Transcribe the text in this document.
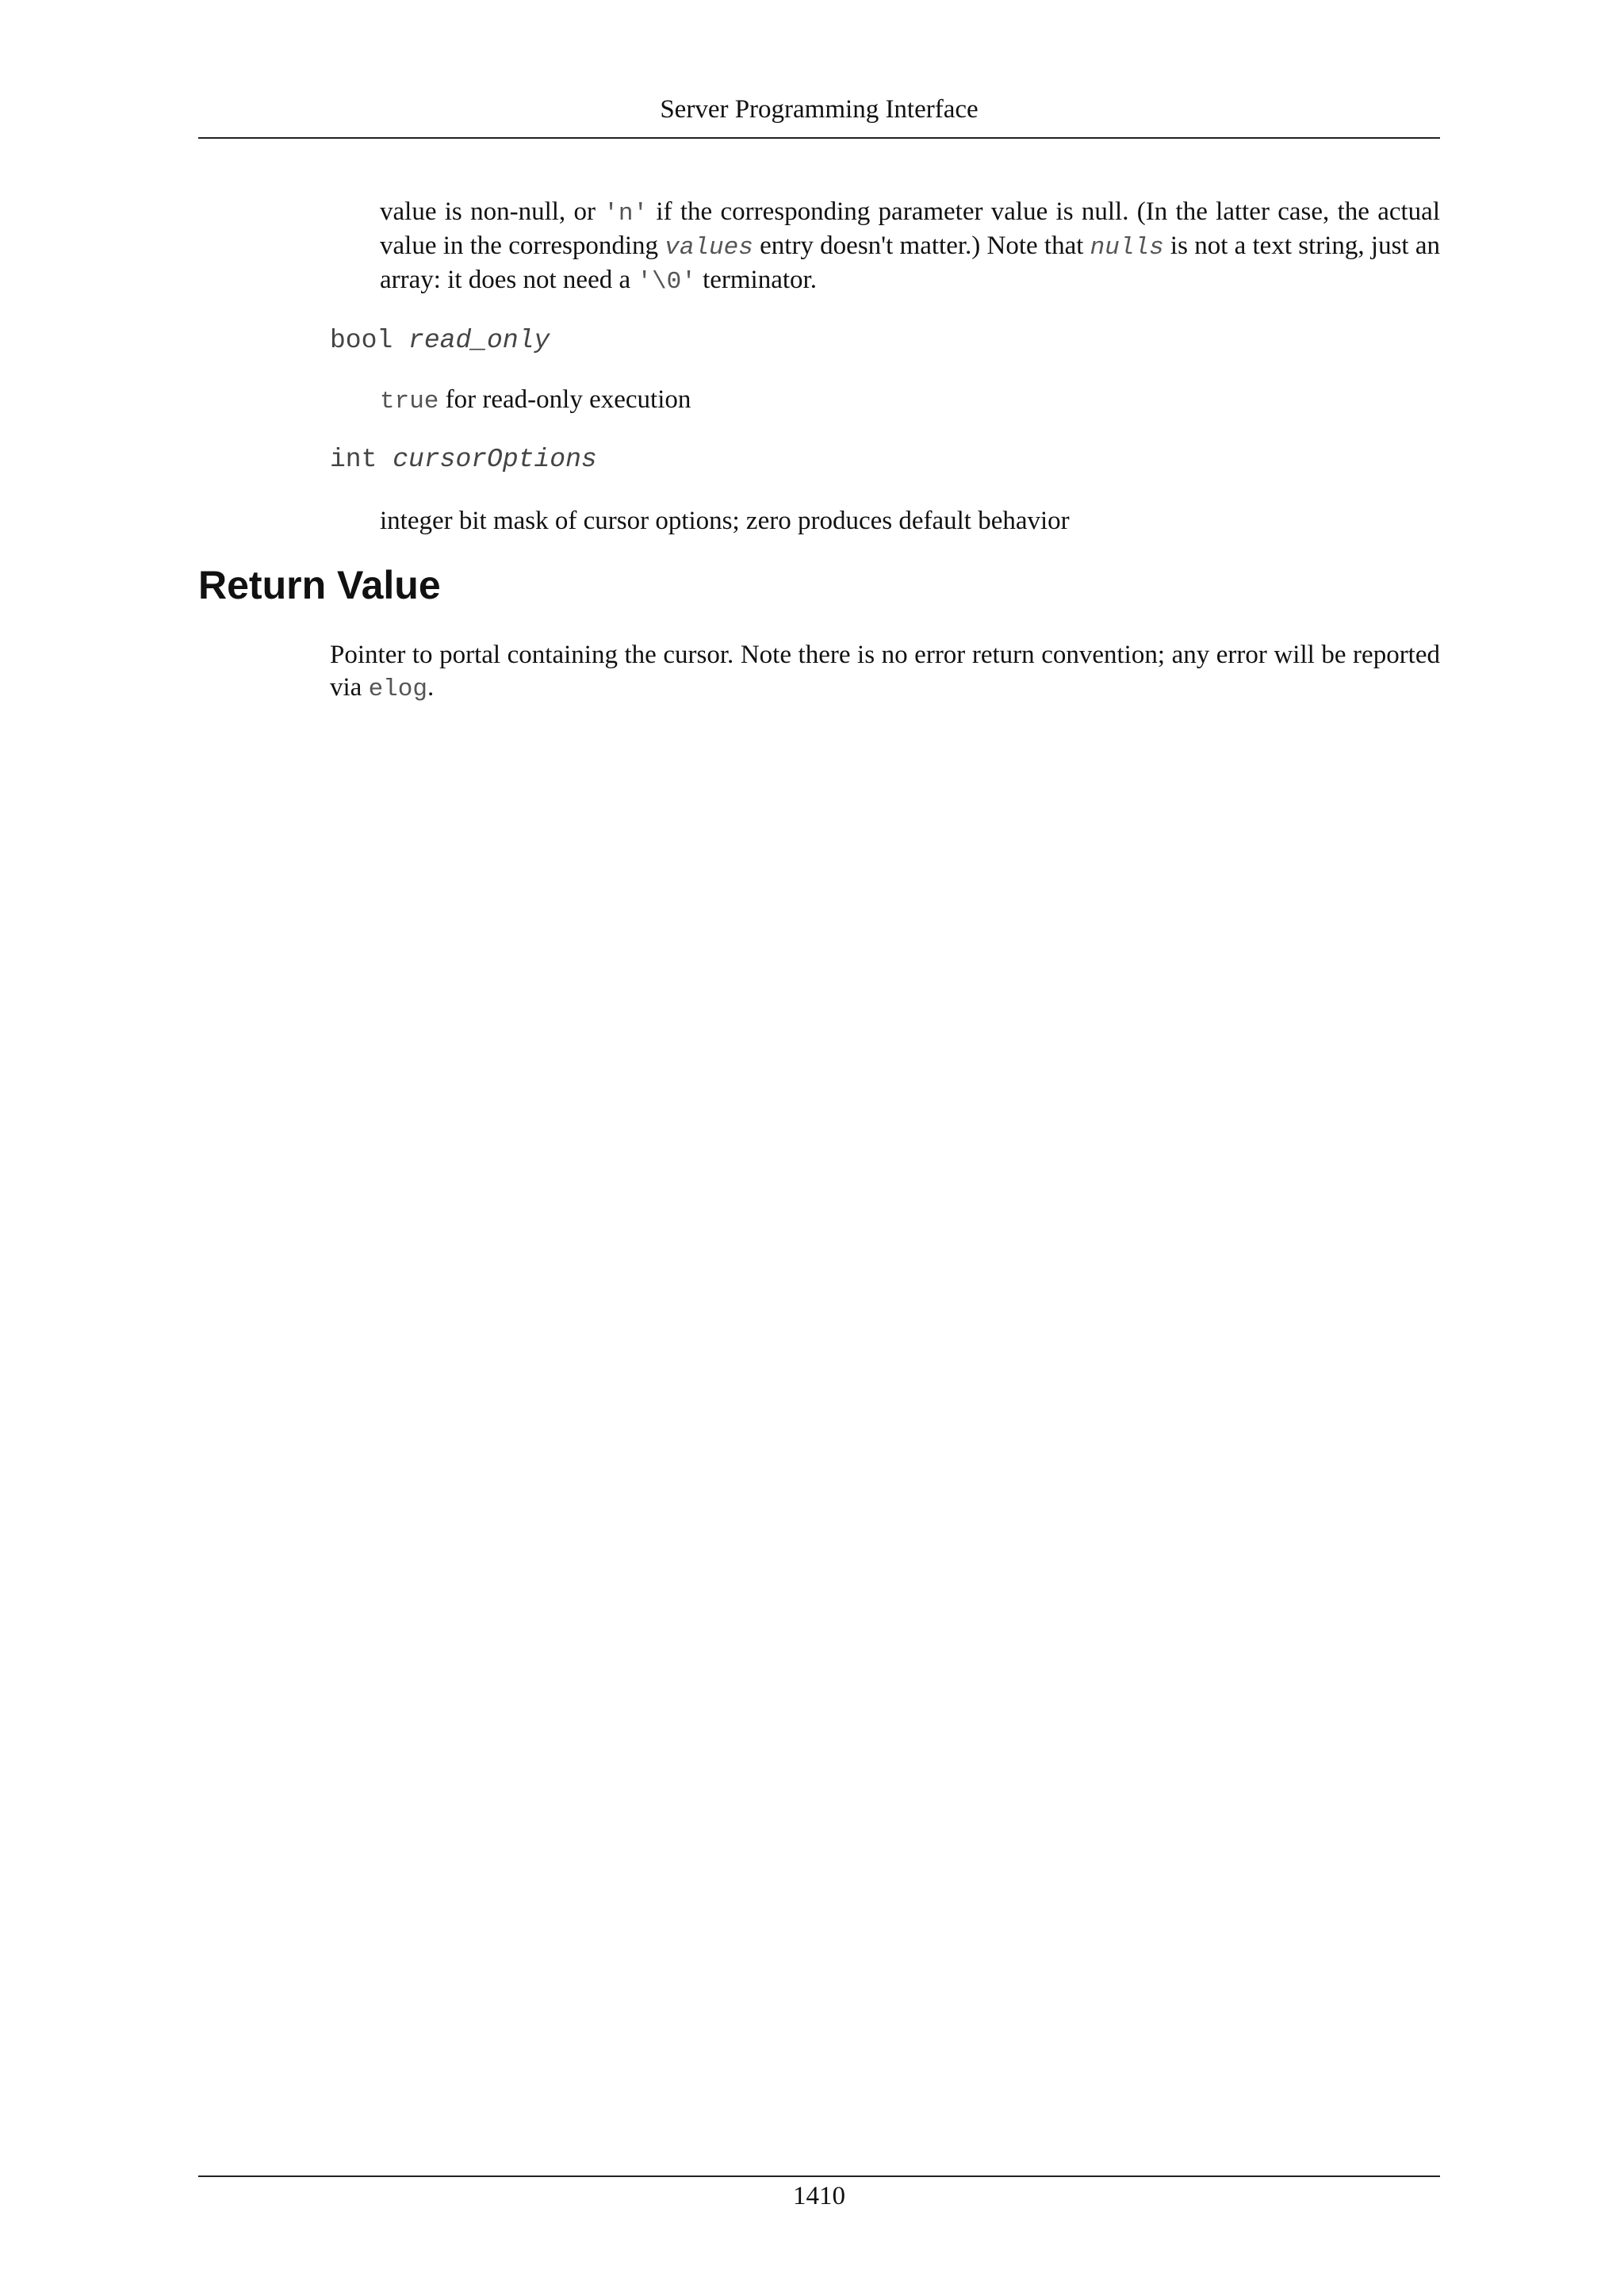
Server Programming Interface

value is non-null, or 'n' if the corresponding parameter value is null. (In the latter case, the actual value in the corresponding values entry doesn't matter.) Note that nulls is not a text string, just an array: it does not need a '\0' terminator.

bool read_only

true for read-only execution

int cursorOptions

integer bit mask of cursor options; zero produces default behavior

Return Value

Pointer to portal containing the cursor. Note there is no error return convention; any error will be reported via elog.

1410
